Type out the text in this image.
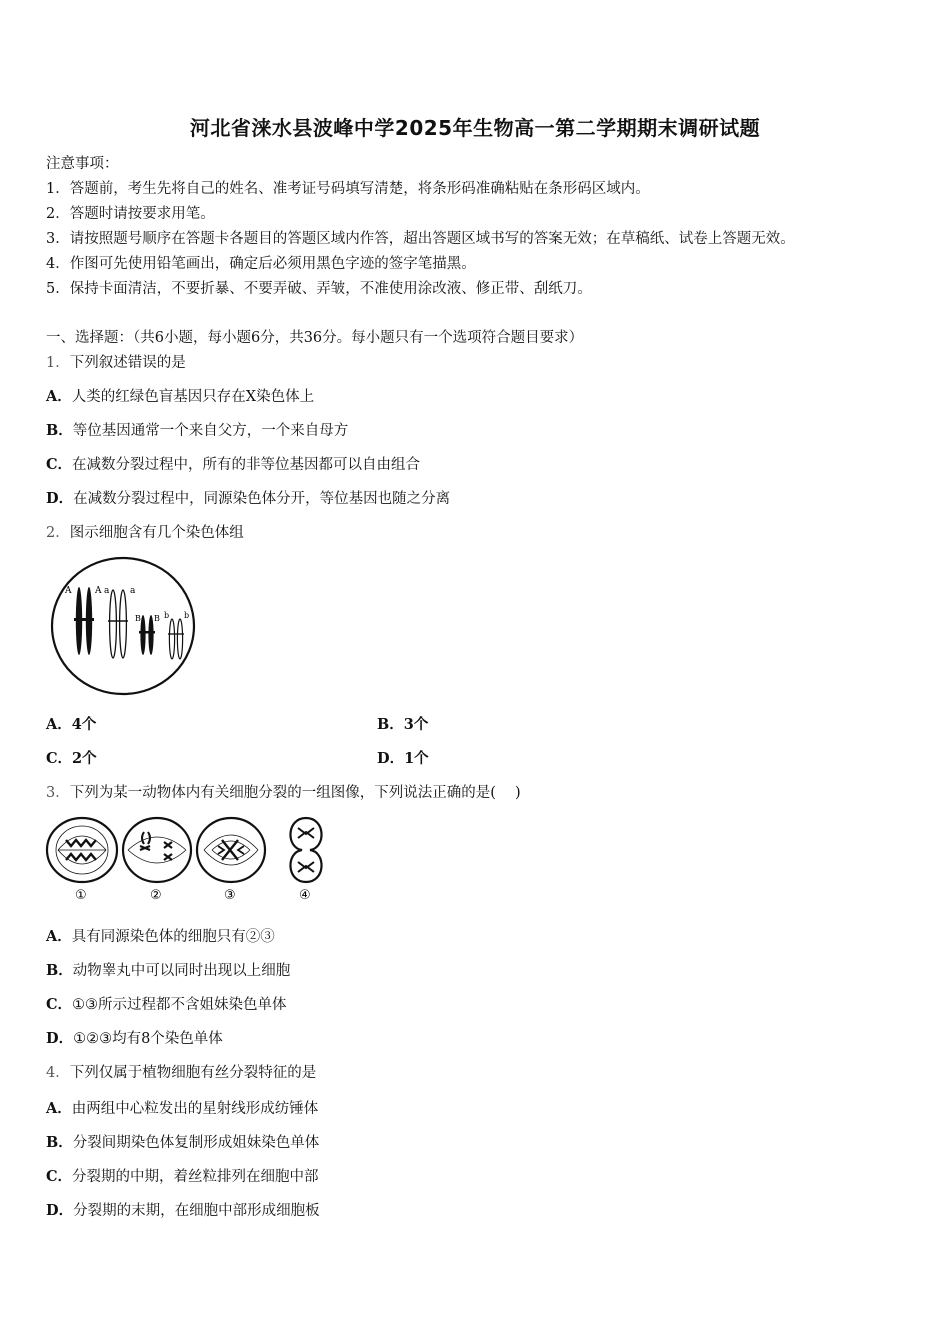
河北省涞水县波峰中学2025年生物高一第二学期期末调研试题
注意事项：
1．答题前，考生先将自己的姓名、准考证号码填写清楚，将条形码准确粘贴在条形码区域内。
2．答题时请按要求用笔。
3．请按照题号顺序在答题卡各题目的答题区域内作答，超出答题区域书写的答案无效；在草稿纸、试卷上答题无效。
4．作图可先使用铅笔画出，确定后必须用黑色字迹的签字笔描黑。
5．保持卡面清洁，不要折暴、不要弄破、弄皱，不准使用涂改液、修正带、刮纸刀。
一、选择题：（共6小题，每小题6分，共36分。每小题只有一个选项符合题目要求）
1．下列叙述错误的是
A．人类的红绿色盲基因只存在X染色体上
B．等位基因通常一个来自父方，一个来自母方
C．在减数分裂过程中，所有的非等位基因都可以自由组合
D．在减数分裂过程中，同源染色体分开，等位基因也随之分离
2．图示细胞含有几个染色体组
A	A a a
B B b b
A．4个	B．3个
C．2个	D．1个
3．下列为某一动物体内有关细胞分裂的一组图像，下列说法正确的是(　 )
①	②	③	④
A．具有同源染色体的细胞只有②③
B．动物睾丸中可以同时出现以上细胞
C．①③所示过程都不含姐妹染色单体
D．①②③均有8个染色单体
4．下列仅属于植物细胞有丝分裂特征的是
A．由两组中心粒发出的星射线形成纺锤体
B．分裂间期染色体复制形成姐妹染色单体
C．分裂期的中期，着丝粒排列在细胞中部
D．分裂期的末期，在细胞中部形成细胞板
